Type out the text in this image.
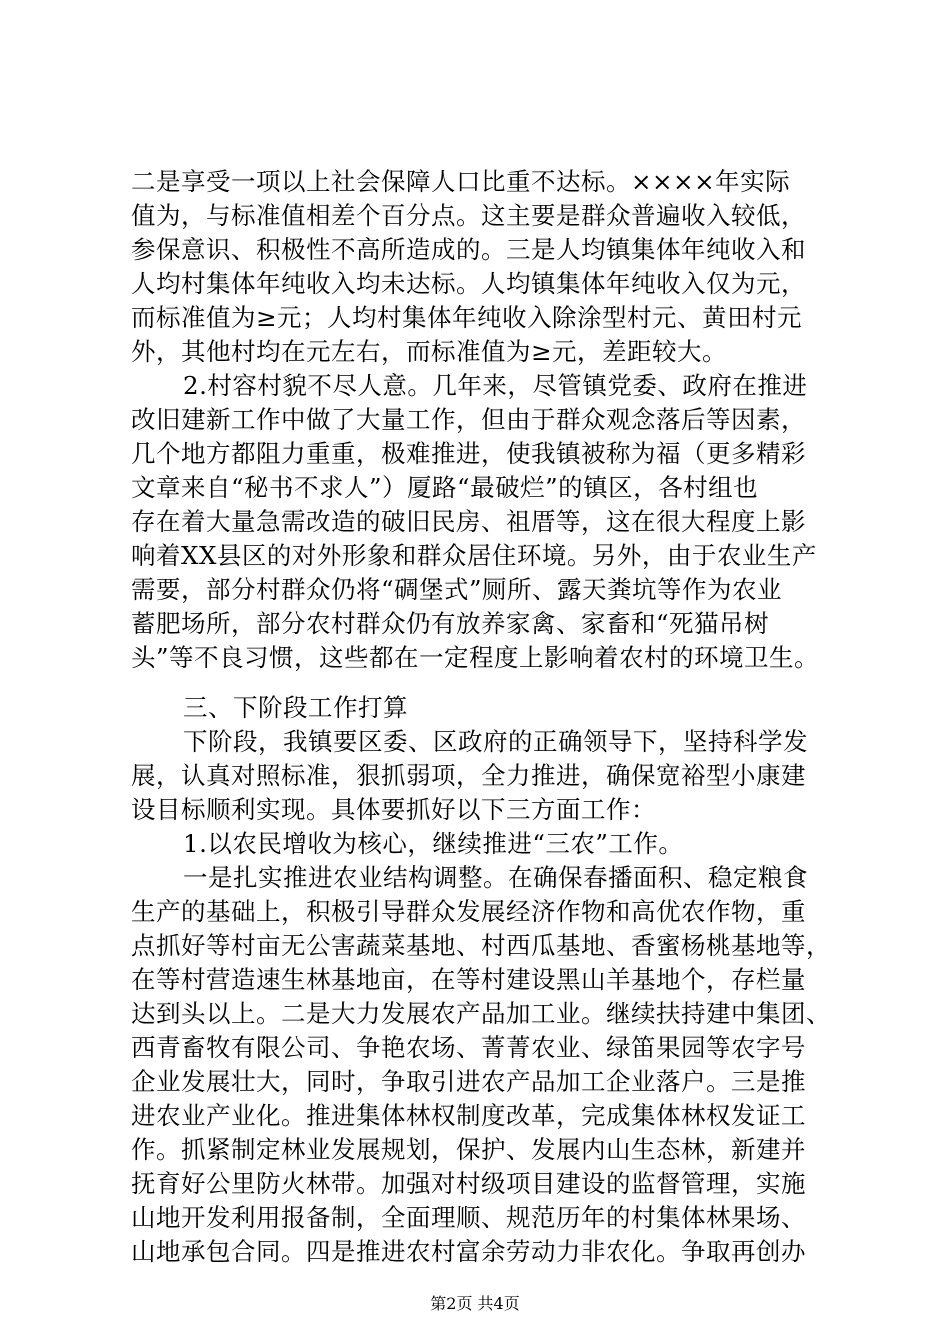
二是享受一项以上社会保障人口比重不达标。××××年实际
值为，与标准值相差个百分点。这主要是群众普遍收入较低，
参保意识、积极性不高所造成的。三是人均镇集体年纯收入和
人均村集体年纯收入均未达标。人均镇集体年纯收入仅为元，
而标准值为≥元；人均村集体年纯收入除涂型村元、黄田村元
外，其他村均在元左右，而标准值为≥元，差距较大。
2.村容村貌不尽人意。几年来，尽管镇党委、政府在推进
改旧建新工作中做了大量工作，但由于群众观念落后等因素，
几个地方都阻力重重，极难推进，使我镇被称为福（更多精彩
文章来自“秘书不求人”）厦路“最破烂”的镇区，各村组也
存在着大量急需改造的破旧民房、祖厝等，这在很大程度上影
响着XX县区的对外形象和群众居住环境。另外，由于农业生产
需要，部分村群众仍将“碉堡式”厕所、露天粪坑等作为农业
蓄肥场所，部分农村群众仍有放养家禽、家畜和“死猫吊树
头”等不良习惯，这些都在一定程度上影响着农村的环境卫生。
三、下阶段工作打算
下阶段，我镇要区委、区政府的正确领导下，坚持科学发
展，认真对照标准，狠抓弱项，全力推进，确保宽裕型小康建
设目标顺利实现。具体要抓好以下三方面工作：
1.以农民增收为核心，继续推进“三农”工作。
一是扎实推进农业结构调整。在确保春播面积、稳定粮食
生产的基础上，积极引导群众发展经济作物和高优农作物，重
点抓好等村亩无公害蔬菜基地、村西瓜基地、香蜜杨桃基地等，
在等村营造速生林基地亩，在等村建设黑山羊基地个，存栏量
达到头以上。二是大力发展农产品加工业。继续扶持建中集团、
西青畜牧有限公司、争艳农场、菁菁农业、绿笛果园等农字号
企业发展壮大，同时，争取引进农产品加工企业落户。三是推
进农业产业化。推进集体林权制度改革，完成集体林权发证工
作。抓紧制定林业发展规划，保护、发展内山生态林，新建并
抚育好公里防火林带。加强对村级项目建设的监督管理，实施
山地开发利用报备制，全面理顺、规范历年的村集体林果场、
山地承包合同。四是推进农村富余劳动力非农化。争取再创办
第2页 共4页
